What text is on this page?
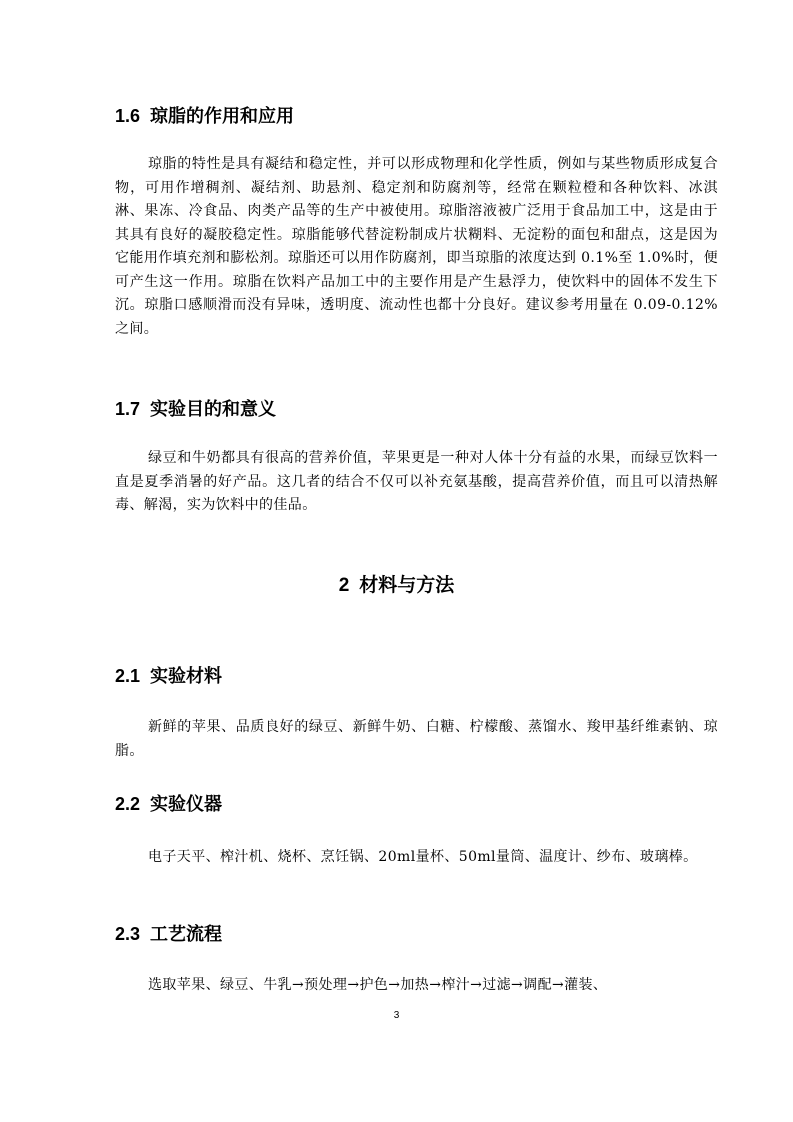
1.6 琼脂的作用和应用

琼脂的特性是具有凝结和稳定性，并可以形成物理和化学性质，例如与某些物质形成复合物，可用作增稠剂、凝结剂、助悬剂、稳定剂和防腐剂等，经常在颗粒橙和各种饮料、冰淇淋、果冻、冷食品、肉类产品等的生产中被使用。琼脂溶液被广泛用于食品加工中，这是由于其具有良好的凝胶稳定性。琼脂能够代替淀粉制成片状糊料、无淀粉的面包和甜点，这是因为它能用作填充剂和膨松剂。琼脂还可以用作防腐剂，即当琼脂的浓度达到 0.1%至 1.0%时，便可产生这一作用。琼脂在饮料产品加工中的主要作用是产生悬浮力，使饮料中的固体不发生下沉。琼脂口感顺滑而没有异味，透明度、流动性也都十分良好。建议参考用量在 0.09-0.12%之间。

1.7 实验目的和意义

绿豆和牛奶都具有很高的营养价值，苹果更是一种对人体十分有益的水果，而绿豆饮料一直是夏季消暑的好产品。这几者的结合不仅可以补充氨基酸，提高营养价值，而且可以清热解毒、解渴，实为饮料中的佳品。

2 材料与方法
2.1 实验材料

新鲜的苹果、品质良好的绿豆、新鲜牛奶、白糖、柠檬酸、蒸馏水、羧甲基纤维素钠、琼脂。

2.2 实验仪器

电子天平、榨汁机、烧杯、烹饪锅、20ml量杯、50ml量筒、温度计、纱布、玻璃棒。

2.3 工艺流程

选取苹果、绿豆、牛乳→预处理→护色→加热→榨汁→过滤→调配→灌装、

3
